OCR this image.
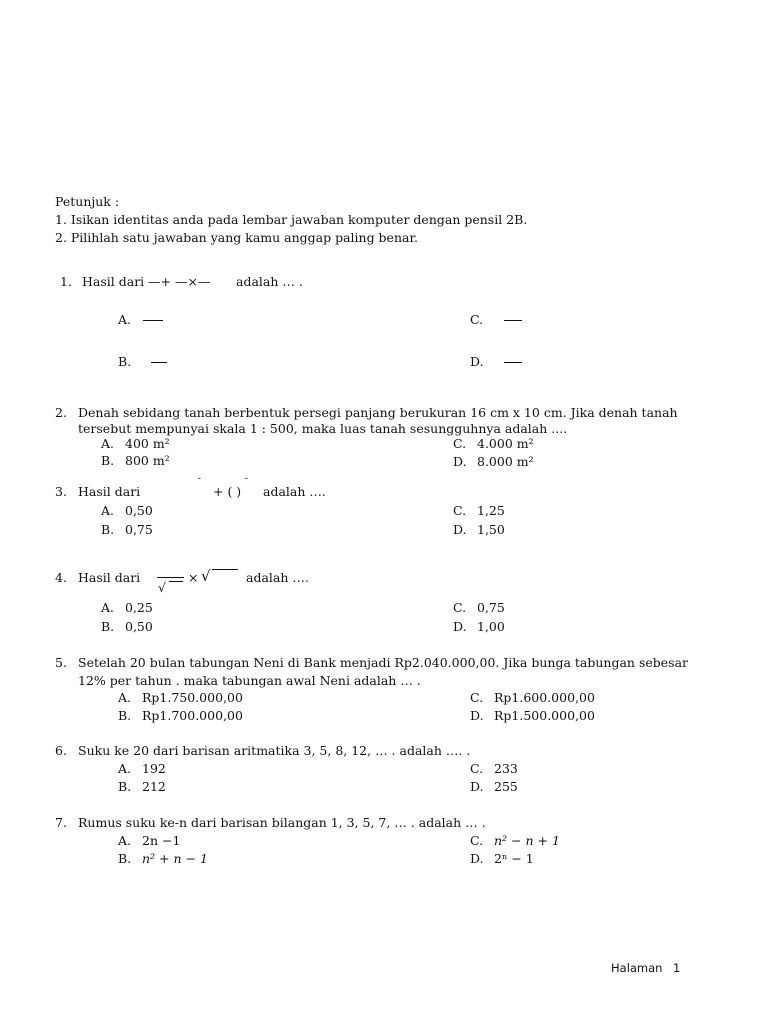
Petunjuk :
1. Isikan identitas anda pada lembar jawaban komputer dengan pensil 2B.
2. Pilihlah satu jawaban yang kamu anggap paling benar.
1. Hasil dari —+ —×— adalah … .
A.
B.
C.
D.
2. Denah sebidang tanah berbentuk persegi panjang berukuran 16 cm x 10 cm. Jika denah tanah
tersebut mempunyai skala 1 : 500, maka luas tanah sesungguhnya adalah ....
A. 400 m²
B. 800 m²
C. 4.000 m²
D. 8.000 m²
3. Hasil dari
¯
+ ( )
¯
adalah ….
A. 0,50
B. 0,75
C. 1,25
D. 1,50
4. Hasil dari
√
× √	adalah ….
A. 0,25
B. 0,50
C. 0,75
D. 1,00
5. Setelah 20 bulan tabungan Neni di Bank menjadi Rp2.040.000,00. Jika bunga tabungan sebesar
12% per tahun . maka tabungan awal Neni adalah … .
A. Rp1.750.000,00
B. Rp1.700.000,00
C. Rp1.600.000,00
D. Rp1.500.000,00
6. Suku ke 20 dari barisan aritmatika 3, 5, 8, 12, … . adalah …. .
A. 192
B. 212
C. 233
D. 255
7. Rumus suku ke-n dari barisan bilangan 1, 3, 5, 7, … . adalah … .
A. 2n −1
B. n² + n − 1
C. n² − n + 1
D. 2ⁿ − 1
Halaman 1
